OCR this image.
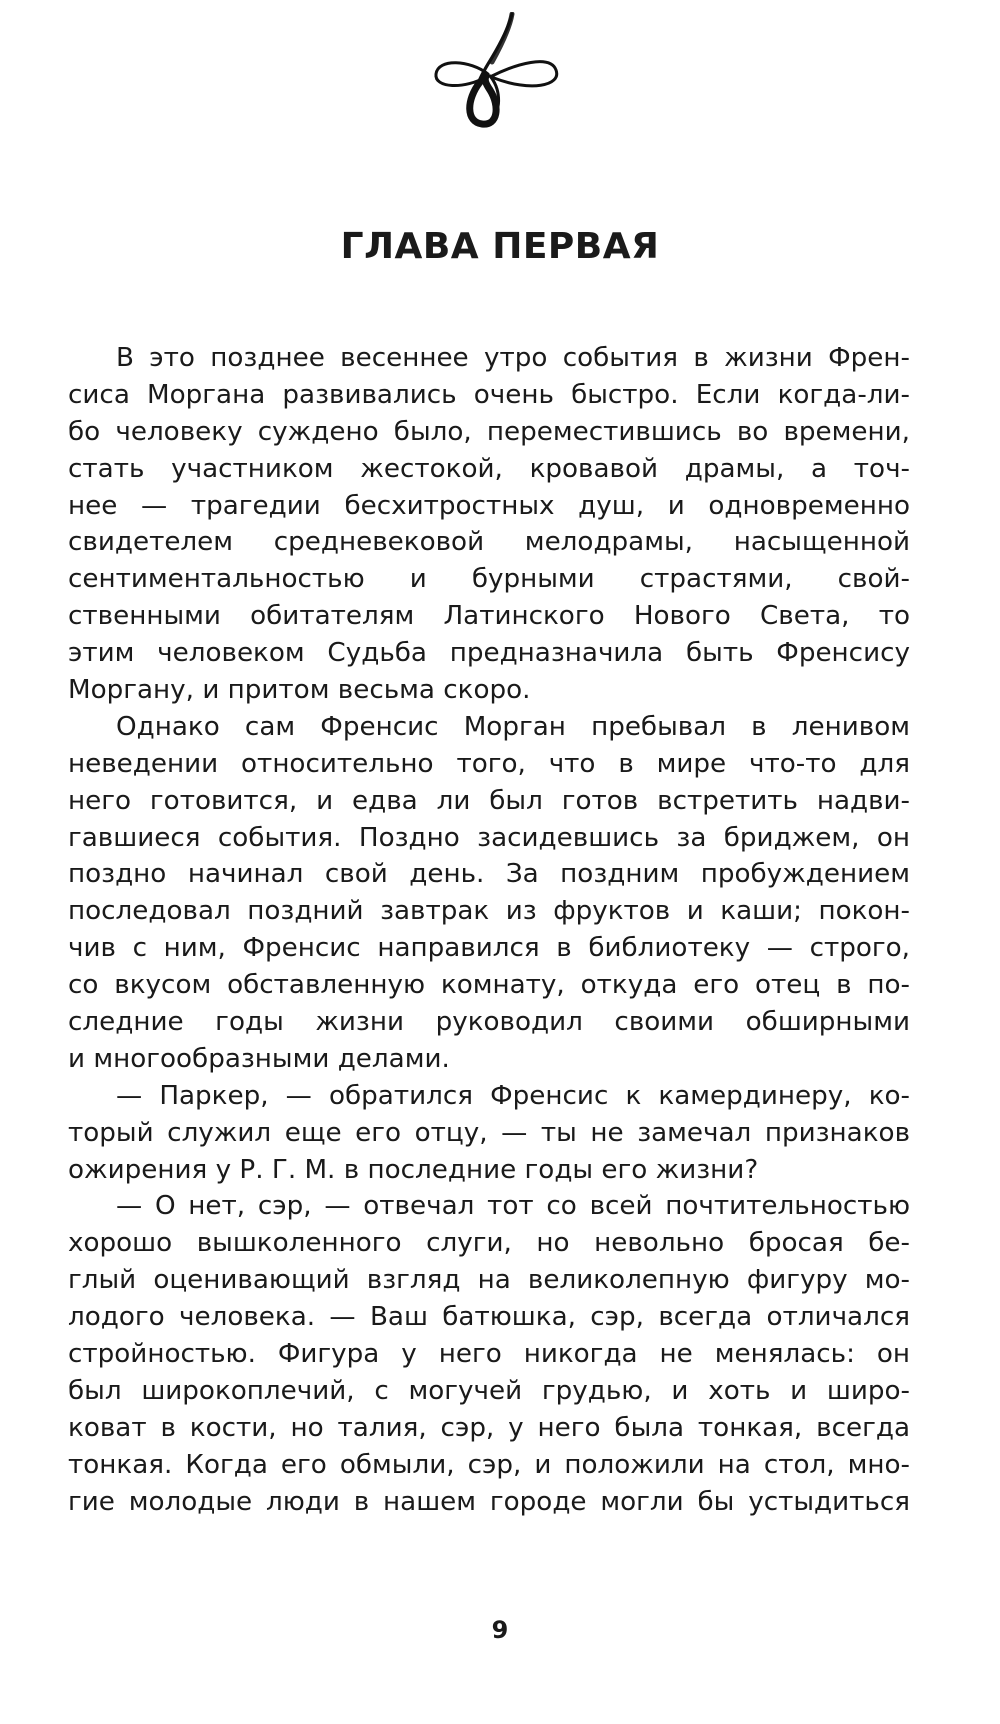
ГЛАВА ПЕРВАЯ
В это позднее весеннее утро события в жизни Френ-
сиса Моргана развивались очень быстро. Если когда-ли-
бо человеку суждено было, переместившись во времени,
стать участником жестокой, кровавой драмы, а точ-
нее — трагедии бесхитростных душ, и одновременно
свидетелем средневековой мелодрамы, насыщенной
сентиментальностью и бурными страстями, свой-
ственными обитателям Латинского Нового Света, то
этим человеком Судьба предназначила быть Френсису
Моргану, и притом весьма скоро.
Однако сам Френсис Морган пребывал в ленивом
неведении относительно того, что в мире что-то для
него готовится, и едва ли был готов встретить надви-
гавшиеся события. Поздно засидевшись за бриджем, он
поздно начинал свой день. За поздним пробуждением
последовал поздний завтрак из фруктов и каши; покон-
чив с ним, Френсис направился в библиотеку — строго,
со вкусом обставленную комнату, откуда его отец в по-
следние годы жизни руководил своими обширными
и многообразными делами.
— Паркер, — обратился Френсис к камердинеру, ко-
торый служил еще его отцу, — ты не замечал признаков
ожирения у Р. Г. М. в последние годы его жизни?
— О нет, сэр, — отвечал тот со всей почтительностью
хорошо вышколенного слуги, но невольно бросая бе-
глый оценивающий взгляд на великолепную фигуру мо-
лодого человека. — Ваш батюшка, сэр, всегда отличался
стройностью. Фигура у него никогда не менялась: он
был широкоплечий, с могучей грудью, и хоть и широ-
коват в кости, но талия, сэр, у него была тонкая, всегда
тонкая. Когда его обмыли, сэр, и положили на стол, мно-
гие молодые люди в нашем городе могли бы устыдиться
9
